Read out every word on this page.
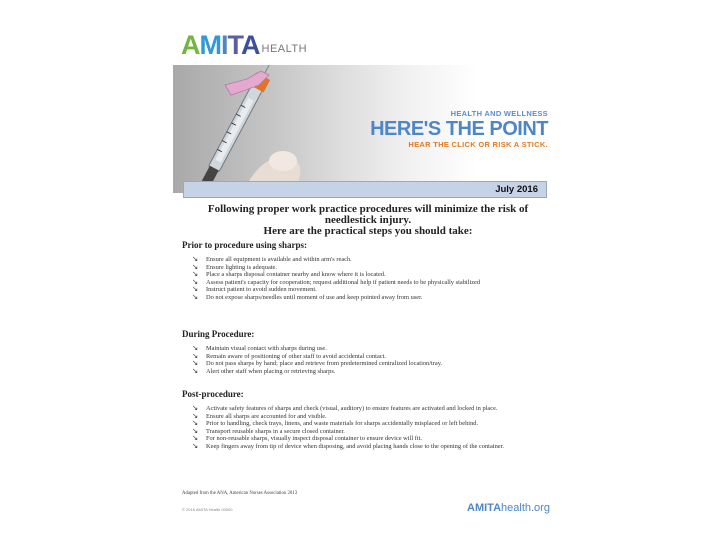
AMITA HEALTH
HEALTH AND WELLNESS
HERE'S THE POINT
HEAR THE CLICK OR RISK A STICK.
July 2016
Following proper work practice procedures will minimize the risk of
needlestick injury.
Here are the practical steps you should take:
Prior to procedure using sharps:
↘ Ensure all equipment is available and within arm's reach.
↘ Ensure lighting is adequate.
↘ Place a sharps disposal container nearby and know where it is located.
↘ Assess patient's capacity for cooperation; request additional help if patient needs to be physically stabilized
↘ Instruct patient to avoid sudden movement.
↘ Do not expose sharps/needles until moment of use and keep pointed away from user.
During Procedure:
↘ Maintain visual contact with sharps during use.
↘ Remain aware of positioning of other staff to avoid accidental contact.
↘ Do not pass sharps by hand; place and retrieve from predetermined centralized location/tray.
↘ Alert other staff when placing or retrieving sharps.
Post-procedure:
↘ Activate safety features of sharps and check (visual, auditory) to ensure features are activated and locked in place.
↘ Ensure all sharps are accounted for and visible.
↘ Prior to handling, check trays, linens, and waste materials for sharps accidentally misplaced or left behind.
↘ Transport reusable sharps in a secure closed container.
↘ For non-reusable sharps, visually inspect disposal container to ensure device will fit.
↘ Keep fingers away from tip of device when disposing, and avoid placing hands close to the opening of the container.
Adapted from the ANA, American Nurses Association 2013
© 2016 AMITA Health 00000	AMITAhealth.org
